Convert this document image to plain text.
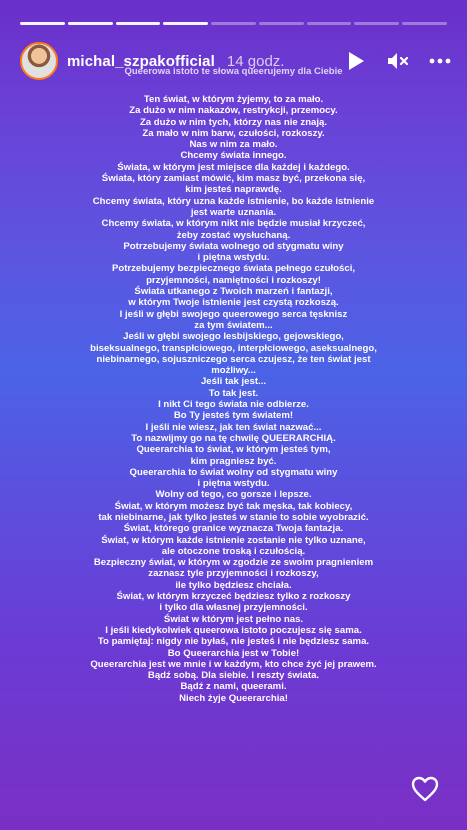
michal_szpakofficial 14 godz.
Queerowa istoto te słowa queerujemy dla Ciebie
Ten świat, w którym żyjemy, to za mało.
Za dużo w nim nakazów, restrykcji, przemocy.
Za dużo w nim tych, którzy nas nie znają.
Za mało w nim barw, czułości, rozkoszy.
Nas w nim za mało.
Chcemy świata innego.
Świata, w którym jest miejsce dla każdej i każdego.
Świata, który zamiast mówić, kim masz być, przekona się,
kim jesteś naprawdę.
Chcemy świata, który uzna każde istnienie, bo każde istnienie
jest warte uznania.
Chcemy świata, w którym nikt nie będzie musiał krzyczeć,
żeby zostać wysłuchaną.
Potrzebujemy świata wolnego od stygmatu winy
i piętna wstydu.
Potrzebujemy bezpiecznego świata pełnego czułości,
przyjemności, namiętności i rozkoszy!
Świata utkanego z Twoich marzeń i fantazji,
w którym Twoje istnienie jest czystą rozkoszą.
I jeśli w głębi swojego queerowego serca tęsknisz
za tym światem...
Jeśli w głębi swojego lesbijskiego, gejowskiego,
biseksualnego, transpłciowego, interpłciowego, aseksualnego,
niebinarnego, sojuszniczego serca czujesz, że ten świat jest
możliwy...
Jeśli tak jest...
To tak jest.
I nikt Ci tego świata nie odbierze.
Bo Ty jesteś tym światem!
I jeśli nie wiesz, jak ten świat nazwać...
To nazwijmy go na tę chwilę QUEERARCHIĄ.
Queerarchia to świat, w którym jesteś tym,
kim pragniesz być.
Queerarchia to świat wolny od stygmatu winy
i piętna wstydu.
Wolny od tego, co gorsze i lepsze.
Świat, w którym możesz być tak męska, tak kobiecy,
tak niebinarne, jak tylko jesteś w stanie to sobie wyobrazić.
Świat, którego granice wyznacza Twoja fantazja.
Świat, w którym każde istnienie zostanie nie tylko uznane,
ale otoczone troską i czułością.
Bezpieczny świat, w którym w zgodzie ze swoim pragnieniem
zaznasz tyle przyjemności i rozkoszy,
ile tylko będziesz chciała.
Świat, w którym krzyczeć będziesz tylko z rozkoszy
i tylko dla własnej przyjemności.
Świat w którym jest pełno nas.
I jeśli kiedykolwiek queerowa istoto poczujesz się sama.
To pamiętaj: nigdy nie byłaś, nie jesteś i nie będziesz sama.
Bo Queerarchia jest w Tobie!
Queerarchia jest we mnie i w każdym, kto chce żyć jej prawem.
Bądź sobą. Dla siebie. I reszty świata.
Bądź z nami, queerami.
Niech żyje Queerarchia!
